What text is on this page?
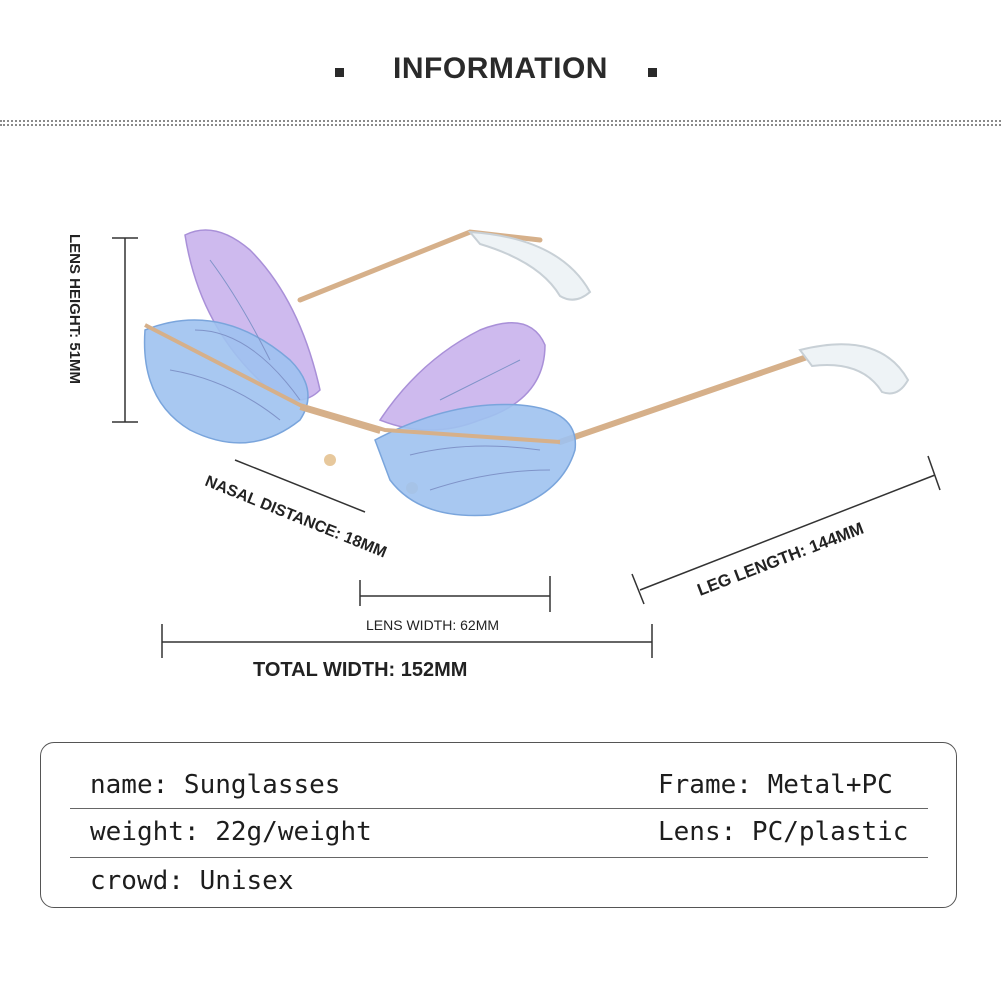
INFORMATION
LENS HEIGHT: 51MM
NASAL DISTANCE: 18MM
LENS WIDTH: 62MM
TOTAL WIDTH: 152MM
LEG LENGTH: 144MM
name: Sunglasses	Frame: Metal+PC
weight: 22g/weight	Lens: PC/plastic
crowd: Unisex
